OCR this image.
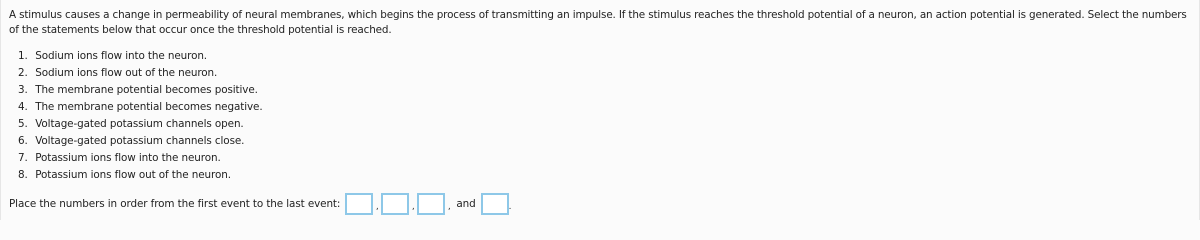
A stimulus causes a change in permeability of neural membranes, which begins the process of transmitting an impulse. If the stimulus reaches the threshold potential of a neuron, an action potential is generated. Select the numbers of the statements below that occur once the threshold potential is reached.

1. Sodium ions flow into the neuron.
2. Sodium ions flow out of the neuron.
3. The membrane potential becomes positive.
4. The membrane potential becomes negative.
5. Voltage-gated potassium channels open.
6. Voltage-gated potassium channels close.
7. Potassium ions flow into the neuron.
8. Potassium ions flow out of the neuron.
Place the numbers in order from the first event to the last event:	,	,	, and	.
